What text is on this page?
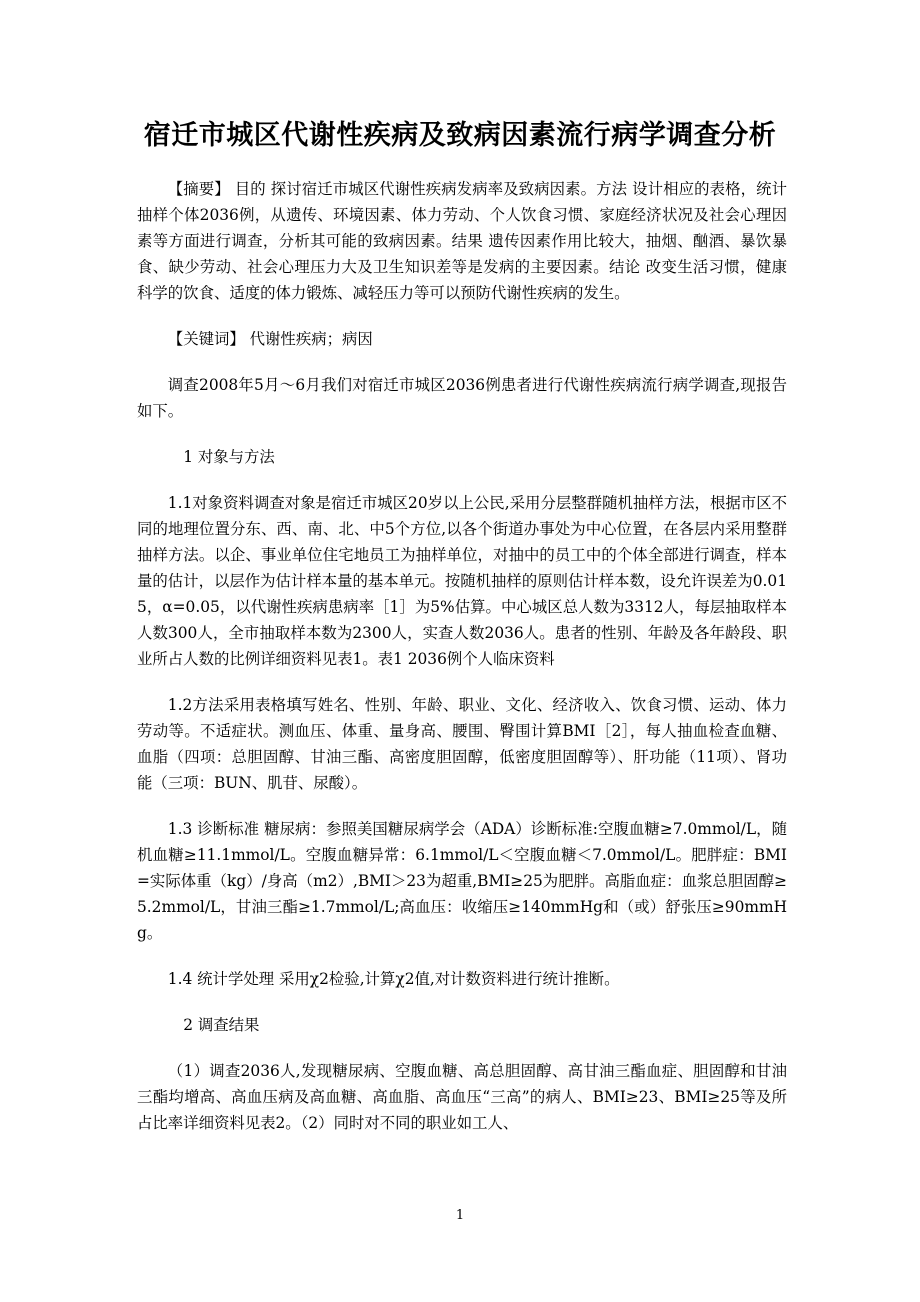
宿迁市城区代谢性疾病及致病因素流行病学调查分析

【摘要】 目的 探讨宿迁市城区代谢性疾病发病率及致病因素。方法 设计相应的表格，统计抽样个体2036例，从遗传、环境因素、体力劳动、个人饮食习惯、家庭经济状况及社会心理因素等方面进行调查，分析其可能的致病因素。结果 遗传因素作用比较大，抽烟、酗酒、暴饮暴食、缺少劳动、社会心理压力大及卫生知识差等是发病的主要因素。结论 改变生活习惯，健康科学的饮食、适度的体力锻炼、减轻压力等可以预防代谢性疾病的发生。

【关键词】 代谢性疾病；病因

调查2008年5月～6月我们对宿迁市城区2036例患者进行代谢性疾病流行病学调查,现报告如下。

1 对象与方法

1.1对象资料调查对象是宿迁市城区20岁以上公民,采用分层整群随机抽样方法，根据市区不同的地理位置分东、西、南、北、中5个方位,以各个街道办事处为中心位置，在各层内采用整群抽样方法。以企、事业单位住宅地员工为抽样单位，对抽中的员工中的个体全部进行调查，样本量的估计，以层作为估计样本量的基本单元。按随机抽样的原则估计样本数，设允许误差为0.015，α=0.05，以代谢性疾病患病率［1］为5%估算。中心城区总人数为3312人，每层抽取样本人数300人，全市抽取样本数为2300人，实查人数2036人。患者的性别、年龄及各年龄段、职业所占人数的比例详细资料见表1。表1 2036例个人临床资料

1.2方法采用表格填写姓名、性别、年龄、职业、文化、经济收入、饮食习惯、运动、体力劳动等。不适症状。测血压、体重、量身高、腰围、臀围计算BMI［2］，每人抽血检查血糖、血脂（四项：总胆固醇、甘油三酯、高密度胆固醇，低密度胆固醇等）、肝功能（11项）、肾功能（三项：BUN、肌苷、尿酸）。

1.3 诊断标准 糖尿病：参照美国糖尿病学会（ADA）诊断标准:空腹血糖≥7.0mmol/L，随机血糖≥11.1mmol/L。空腹血糖异常：6.1mmol/L＜空腹血糖＜7.0mmol/L。肥胖症：BMI=实际体重（kg）/身高（m2）,BMI＞23为超重,BMI≥25为肥胖。高脂血症：血浆总胆固醇≥5.2mmol/L，甘油三酯≥1.7mmol/L;高血压：收缩压≥140mmHg和（或）舒张压≥90mmHg。

1.4 统计学处理 采用χ2检验,计算χ2值,对计数资料进行统计推断。

2 调查结果

（1）调查2036人,发现糖尿病、空腹血糖、高总胆固醇、高甘油三酯血症、胆固醇和甘油三酯均增高、高血压病及高血糖、高血脂、高血压“三高”的病人、BMI≥23、BMI≥25等及所占比率详细资料见表2。（2）同时对不同的职业如工人、

1
